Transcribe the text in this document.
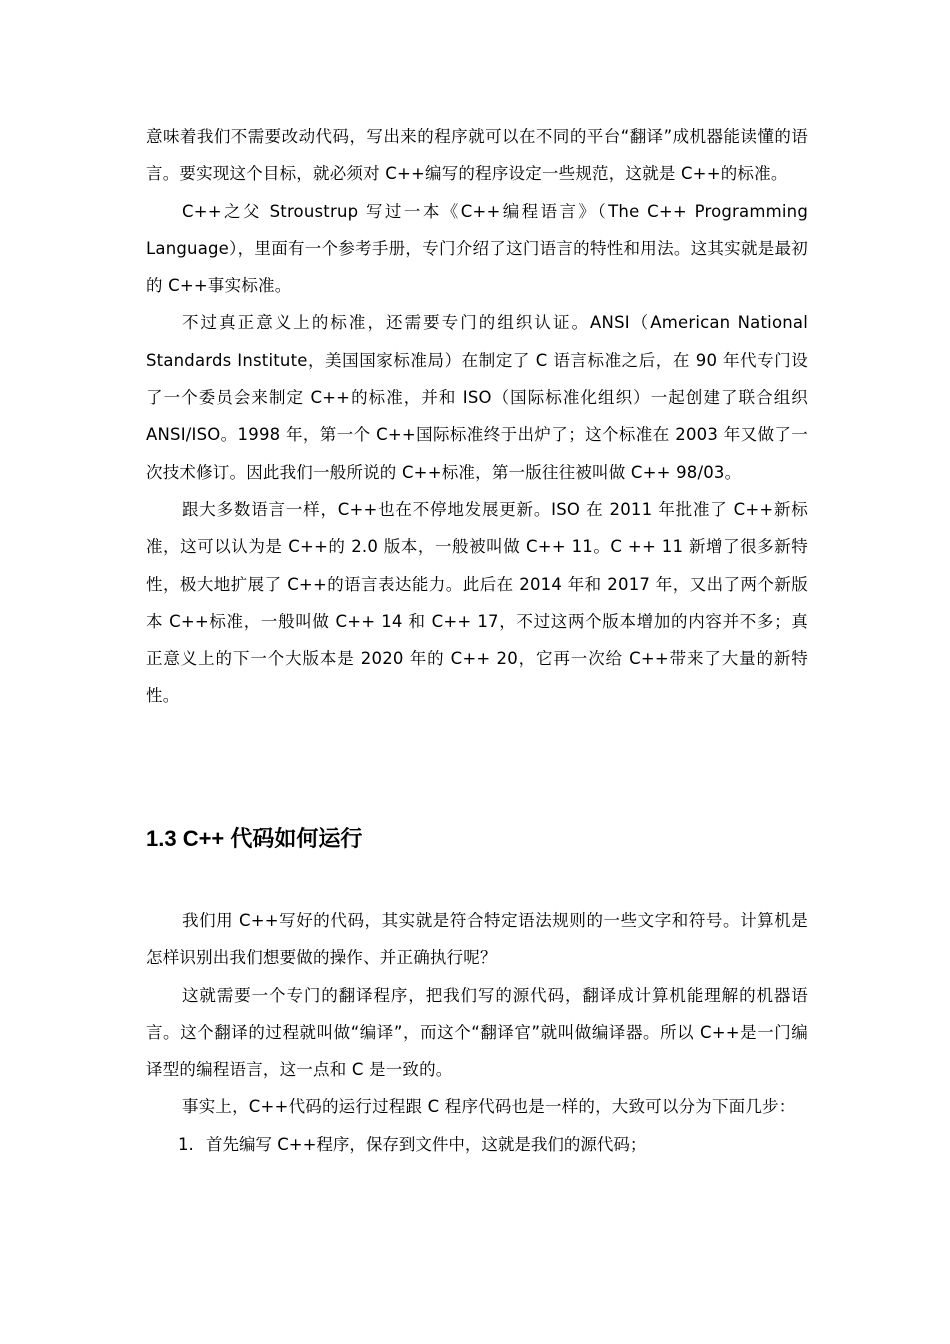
意味着我们不需要改动代码，写出来的程序就可以在不同的平台“翻译”成机器能读懂的语言。要实现这个目标，就必须对 C++编写的程序设定一些规范，这就是 C++的标准。

C++之父 Stroustrup 写过一本《C++编程语言》（The C++ Programming Language），里面有一个参考手册，专门介绍了这门语言的特性和用法。这其实就是最初的 C++事实标准。

不过真正意义上的标准，还需要专门的组织认证。ANSI（American National Standards Institute，美国国家标准局）在制定了 C 语言标准之后，在 90 年代专门设了一个委员会来制定 C++的标准，并和 ISO（国际标准化组织）一起创建了联合组织 ANSI/ISO。1998 年，第一个 C++国际标准终于出炉了；这个标准在 2003 年又做了一次技术修订。因此我们一般所说的 C++标准，第一版往往被叫做 C++ 98/03。

跟大多数语言一样，C++也在不停地发展更新。ISO 在 2011 年批准了 C++新标准，这可以认为是 C++的 2.0 版本，一般被叫做 C++ 11。C ++ 11 新增了很多新特性，极大地扩展了 C++的语言表达能力。此后在 2014 年和 2017 年，又出了两个新版本 C++标准，一般叫做 C++ 14 和 C++ 17，不过这两个版本增加的内容并不多；真正意义上的下一个大版本是 2020 年的 C++ 20，它再一次给 C++带来了大量的新特性。

1.3 C++ 代码如何运行

我们用 C++写好的代码，其实就是符合特定语法规则的一些文字和符号。计算机是怎样识别出我们想要做的操作、并正确执行呢？

这就需要一个专门的翻译程序，把我们写的源代码，翻译成计算机能理解的机器语言。这个翻译的过程就叫做“编译”，而这个“翻译官”就叫做编译器。所以 C++是一门编译型的编程语言，这一点和 C 是一致的。

事实上，C++代码的运行过程跟 C 程序代码也是一样的，大致可以分为下面几步：

1. 首先编写 C++程序，保存到文件中，这就是我们的源代码；
